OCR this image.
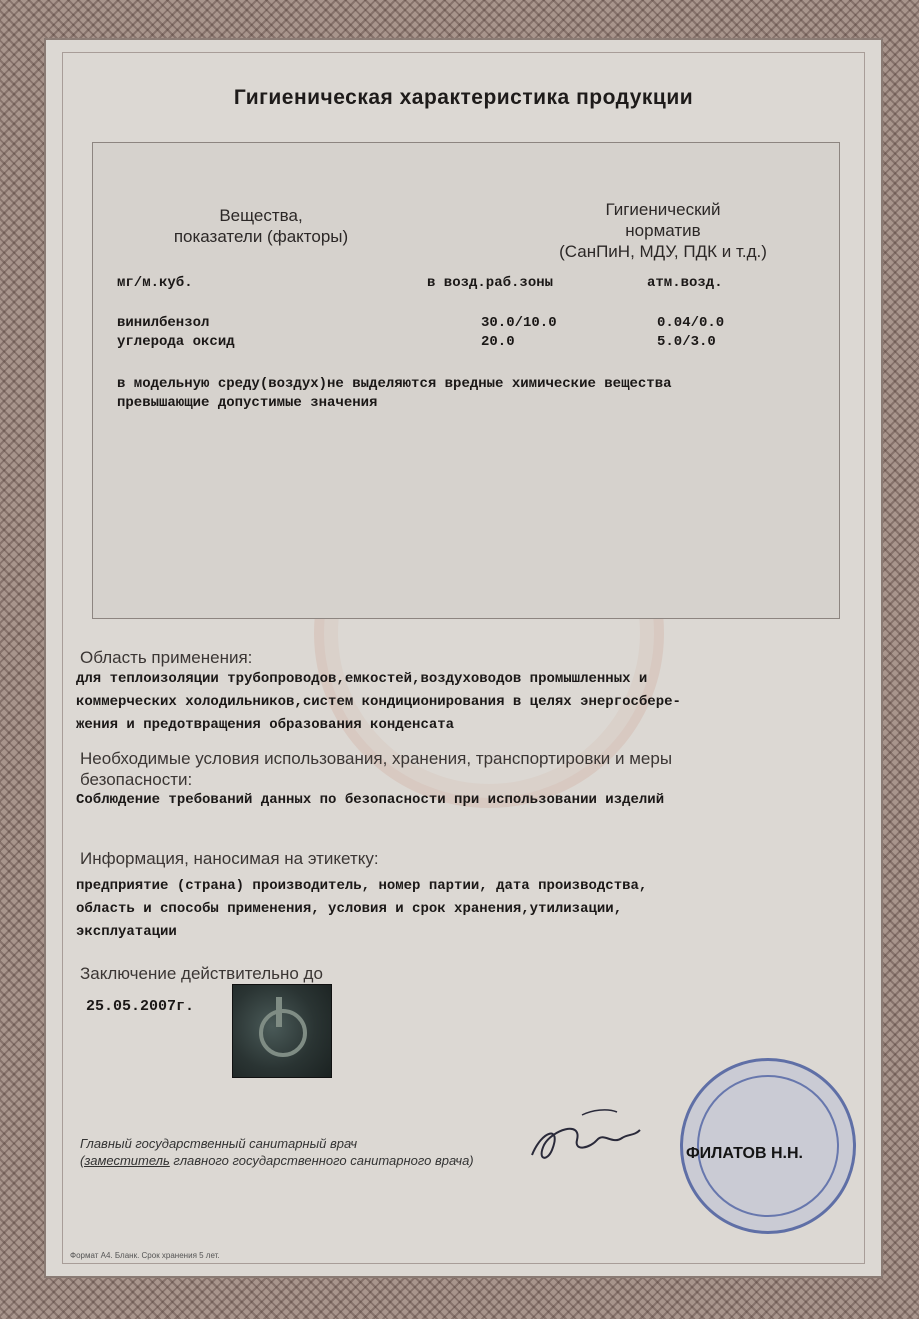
Гигиеническая характеристика продукции
Вещества,
показатели (факторы)
Гигиенический
норматив
(СанПиН, МДУ, ПДК и т.д.)
мг/м.куб.	в возд.раб.зоны	атм.возд.
винилбензол	30.0/10.0	0.04/0.0
углерода оксид	20.0	5.0/3.0
в модельную среду(воздух)не выделяются вредные химические вещества
превышающие допустимые значения
Область применения:
для теплоизоляции трубопроводов,емкостей,воздуховодов промышленных и
коммерческих холодильников,систем кондиционирования в целях энергосбере-
жения и предотвращения образования конденсата
Необходимые условия использования, хранения, транспортировки и меры
безопасности:
Соблюдение требований данных по безопасности при использовании изделий
Информация, наносимая на этикетку:
предприятие (страна) производитель, номер партии, дата производства,
область и способы применения, условия и срок хранения,утилизации,
эксплуатации
Заключение действительно до
25.05.2007г.
Главный государственный санитарный врач
(заместитель главного государственного санитарного врача)	ФИЛАТОВ Н.Н.
Формат А4. Бланк. Срок хранения 5 лет.
